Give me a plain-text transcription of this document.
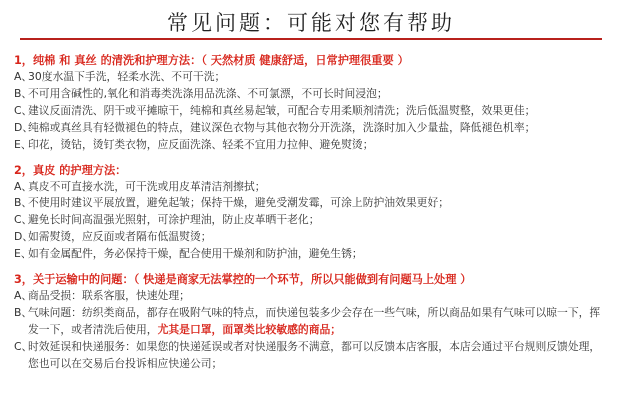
常见问题：可能对您有帮助
1，纯棉 和 真丝 的清洗和护理方法：（ 天然材质 健康舒适，日常护理很重要 ）
A、
30度水温下手洗，轻柔水洗、不可干洗；
B、
不可用含碱性的,氧化和消毒类洗涤用品洗涤、不可氯漂，不可长时间浸泡；
C、
建议反面清洗、阴干或平摊晾干，纯棉和真丝易起皱，可配合专用柔顺剂清洗；洗后低温熨整，效果更佳；
D、
纯棉或真丝具有轻微褪色的特点，建议深色衣物与其他衣物分开洗涤，洗涤时加入少量盐，降低褪色机率；
E、
印花，烫钻，烫钉类衣物，应反面洗涤、轻柔不宜用力拉伸、避免熨烫；
2，真皮 的护理方法：
A、
真皮不可直接水洗，可干洗或用皮革清洁剂擦拭；
B、
不使用时建议平展放置，避免起皱；保持干燥，避免受潮发霉，可涂上防护油效果更好；
C、
避免长时间高温强光照射，可涂护理油，防止皮革晒干老化；
D、
如需熨烫，应反面或者隔布低温熨烫；
E、
如有金属配件，务必保持干燥，配合使用干燥剂和防护油，避免生锈；
3，关于运输中的问题：（ 快递是商家无法掌控的一个环节，所以只能做到有问题马上处理 ）
A、
商品受损：联系客服，快速处理；
B、
气味问题：纺织类商品，都存在吸附气味的特点，而快递包装多少会存在一些气味，所以商品如果有气味可以晾一下，挥发一下，或者清洗后使用，尤其是口罩，面罩类比较敏感的商品；
C、
时效延误和快递服务：如果您的快递延误或者对快递服务不满意，都可以反馈本店客服，本店会通过平台规则反馈处理，您也可以在交易后台投诉相应快递公司；
